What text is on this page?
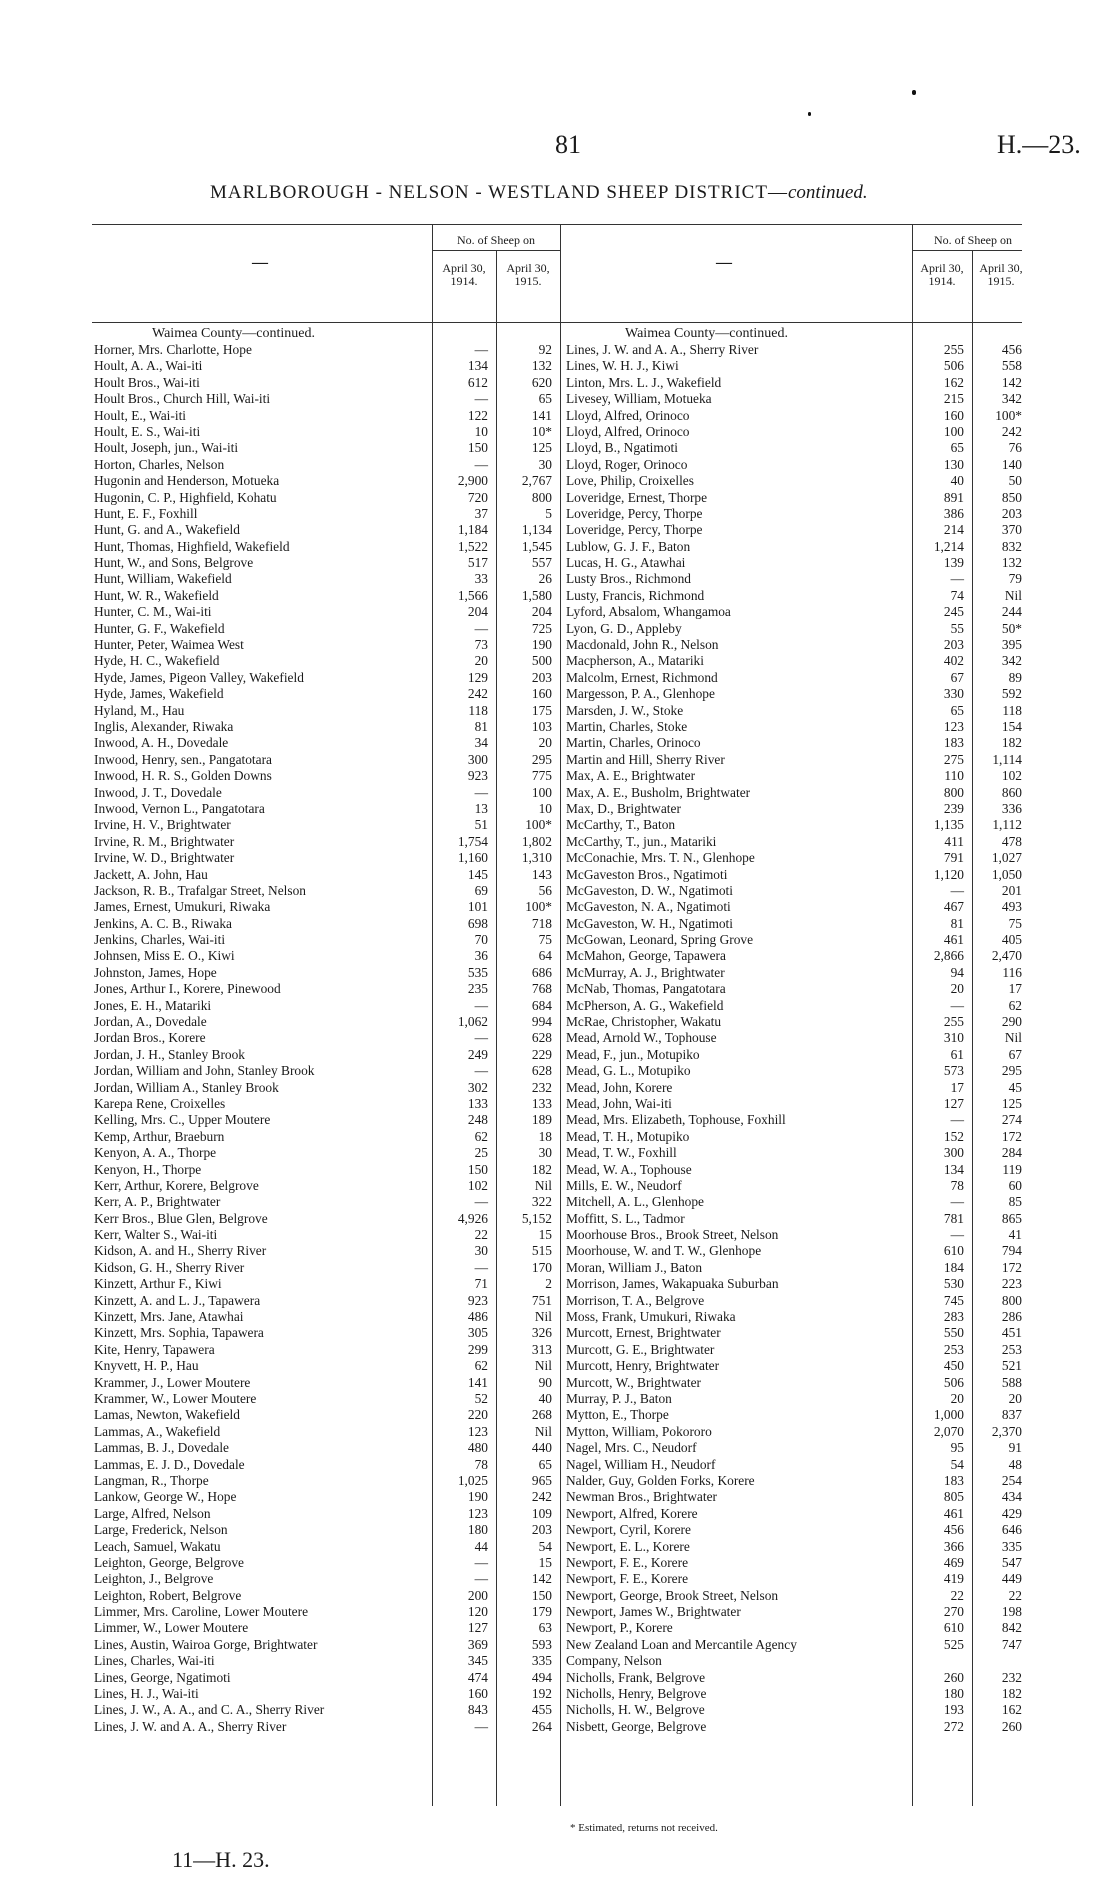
81	H.—23.
MARLBOROUGH - NELSON - WESTLAND SHEEP DISTRICT—continued.
—	—
No. of Sheep on
April 30, 1914.
April 30, 1915.
No. of Sheep on
April 30, 1914.
April 30, 1915.
Waimea County—continued.	Waimea County—continued.
Horner, Mrs. Charlotte, Hope	—	92
Hoult, A. A., Wai-iti	134	132
Hoult Bros., Wai-iti	612	620
Hoult Bros., Church Hill, Wai-iti	—	65
Hoult, E., Wai-iti	122	141
Hoult, E. S., Wai-iti	10	10*
Hoult, Joseph, jun., Wai-iti	150	125
Horton, Charles, Nelson	—	30
Hugonin and Henderson, Motueka	2,900	2,767
Hugonin, C. P., Highfield, Kohatu	720	800
Hunt, E. F., Foxhill	37	5
Hunt, G. and A., Wakefield	1,184	1,134
Hunt, Thomas, Highfield, Wakefield	1,522	1,545
Hunt, W., and Sons, Belgrove	517	557
Hunt, William, Wakefield	33	26
Hunt, W. R., Wakefield	1,566	1,580
Hunter, C. M., Wai-iti	204	204
Hunter, G. F., Wakefield	—	725
Hunter, Peter, Waimea West	73	190
Hyde, H. C., Wakefield	20	500
Hyde, James, Pigeon Valley, Wakefield	129	203
Hyde, James, Wakefield	242	160
Hyland, M., Hau	118	175
Inglis, Alexander, Riwaka	81	103
Inwood, A. H., Dovedale	34	20
Inwood, Henry, sen., Pangatotara	300	295
Inwood, H. R. S., Golden Downs	923	775
Inwood, J. T., Dovedale	—	100
Inwood, Vernon L., Pangatotara	13	10
Irvine, H. V., Brightwater	51	100*
Irvine, R. M., Brightwater	1,754	1,802
Irvine, W. D., Brightwater	1,160	1,310
Jackett, A. John, Hau	145	143
Jackson, R. B., Trafalgar Street, Nelson	69	56
James, Ernest, Umukuri, Riwaka	101	100*
Jenkins, A. C. B., Riwaka	698	718
Jenkins, Charles, Wai-iti	70	75
Johnsen, Miss E. O., Kiwi	36	64
Johnston, James, Hope	535	686
Jones, Arthur I., Korere, Pinewood	235	768
Jones, E. H., Matariki	—	684
Jordan, A., Dovedale	1,062	994
Jordan Bros., Korere	—	628
Jordan, J. H., Stanley Brook	249	229
Jordan, William and John, Stanley Brook	—	628
Jordan, William A., Stanley Brook	302	232
Karepa Rene, Croixelles	133	133
Kelling, Mrs. C., Upper Moutere	248	189
Kemp, Arthur, Braeburn	62	18
Kenyon, A. A., Thorpe	25	30
Kenyon, H., Thorpe	150	182
Kerr, Arthur, Korere, Belgrove	102	Nil
Kerr, A. P., Brightwater	—	322
Kerr Bros., Blue Glen, Belgrove	4,926	5,152
Kerr, Walter S., Wai-iti	22	15
Kidson, A. and H., Sherry River	30	515
Kidson, G. H., Sherry River	—	170
Kinzett, Arthur F., Kiwi	71	2
Kinzett, A. and L. J., Tapawera	923	751
Kinzett, Mrs. Jane, Atawhai	486	Nil
Kinzett, Mrs. Sophia, Tapawera	305	326
Kite, Henry, Tapawera	299	313
Knyvett, H. P., Hau	62	Nil
Krammer, J., Lower Moutere	141	90
Krammer, W., Lower Moutere	52	40
Lamas, Newton, Wakefield	220	268
Lammas, A., Wakefield	123	Nil
Lammas, B. J., Dovedale	480	440
Lammas, E. J. D., Dovedale	78	65
Langman, R., Thorpe	1,025	965
Lankow, George W., Hope	190	242
Large, Alfred, Nelson	123	109
Large, Frederick, Nelson	180	203
Leach, Samuel, Wakatu	44	54
Leighton, George, Belgrove	—	15
Leighton, J., Belgrove	—	142
Leighton, Robert, Belgrove	200	150
Limmer, Mrs. Caroline, Lower Moutere	120	179
Limmer, W., Lower Moutere	127	63
Lines, Austin, Wairoa Gorge, Brightwater	369	593
Lines, Charles, Wai-iti	345	335
Lines, George, Ngatimoti	474	494
Lines, H. J., Wai-iti	160	192
Lines, J. W., A. A., and C. A., Sherry River	843	455
Lines, J. W. and A. A., Sherry River	—	264
Lines, J. W. and A. A., Sherry River	255	456
Lines, W. H. J., Kiwi	506	558
Linton, Mrs. L. J., Wakefield	162	142
Livesey, William, Motueka	215	342
Lloyd, Alfred, Orinoco	160	100*
Lloyd, Alfred, Orinoco	100	242
Lloyd, B., Ngatimoti	65	76
Lloyd, Roger, Orinoco	130	140
Love, Philip, Croixelles	40	50
Loveridge, Ernest, Thorpe	891	850
Loveridge, Percy, Thorpe	386	203
Loveridge, Percy, Thorpe	214	370
Lublow, G. J. F., Baton	1,214	832
Lucas, H. G., Atawhai	139	132
Lusty Bros., Richmond	—	79
Lusty, Francis, Richmond	74	Nil
Lyford, Absalom, Whangamoa	245	244
Lyon, G. D., Appleby	55	50*
Macdonald, John R., Nelson	203	395
Macpherson, A., Matariki	402	342
Malcolm, Ernest, Richmond	67	89
Margesson, P. A., Glenhope	330	592
Marsden, J. W., Stoke	65	118
Martin, Charles, Stoke	123	154
Martin, Charles, Orinoco	183	182
Martin and Hill, Sherry River	275	1,114
Max, A. E., Brightwater	110	102
Max, A. E., Busholm, Brightwater	800	860
Max, D., Brightwater	239	336
McCarthy, T., Baton	1,135	1,112
McCarthy, T., jun., Matariki	411	478
McConachie, Mrs. T. N., Glenhope	791	1,027
McGaveston Bros., Ngatimoti	1,120	1,050
McGaveston, D. W., Ngatimoti	—	201
McGaveston, N. A., Ngatimoti	467	493
McGaveston, W. H., Ngatimoti	81	75
McGowan, Leonard, Spring Grove	461	405
McMahon, George, Tapawera	2,866	2,470
McMurray, A. J., Brightwater	94	116
McNab, Thomas, Pangatotara	20	17
McPherson, A. G., Wakefield	—	62
McRae, Christopher, Wakatu	255	290
Mead, Arnold W., Tophouse	310	Nil
Mead, F., jun., Motupiko	61	67
Mead, G. L., Motupiko	573	295
Mead, John, Korere	17	45
Mead, John, Wai-iti	127	125
Mead, Mrs. Elizabeth, Tophouse, Foxhill	—	274
Mead, T. H., Motupiko	152	172
Mead, T. W., Foxhill	300	284
Mead, W. A., Tophouse	134	119
Mills, E. W., Neudorf	78	60
Mitchell, A. L., Glenhope	—	85
Moffitt, S. L., Tadmor	781	865
Moorhouse Bros., Brook Street, Nelson	—	41
Moorhouse, W. and T. W., Glenhope	610	794
Moran, William J., Baton	184	172
Morrison, James, Wakapuaka Suburban	530	223
Morrison, T. A., Belgrove	745	800
Moss, Frank, Umukuri, Riwaka	283	286
Murcott, Ernest, Brightwater	550	451
Murcott, G. E., Brightwater	253	253
Murcott, Henry, Brightwater	450	521
Murcott, W., Brightwater	506	588
Murray, P. J., Baton	20	20
Mytton, E., Thorpe	1,000	837
Mytton, William, Pokororo	2,070	2,370
Nagel, Mrs. C., Neudorf	95	91
Nagel, William H., Neudorf	54	48
Nalder, Guy, Golden Forks, Korere	183	254
Newman Bros., Brightwater	805	434
Newport, Alfred, Korere	461	429
Newport, Cyril, Korere	456	646
Newport, E. L., Korere	366	335
Newport, F. E., Korere	469	547
Newport, F. E., Korere	419	449
Newport, George, Brook Street, Nelson	22	22
Newport, James W., Brightwater	270	198
Newport, P., Korere	610	842
New Zealand Loan and Mercantile Agency	525	747
Company, Nelson
Nicholls, Frank, Belgrove	260	232
Nicholls, Henry, Belgrove	180	182
Nicholls, H. W., Belgrove	193	162
Nisbett, George, Belgrove	272	260
* Estimated, returns not received.
11—H. 23.
